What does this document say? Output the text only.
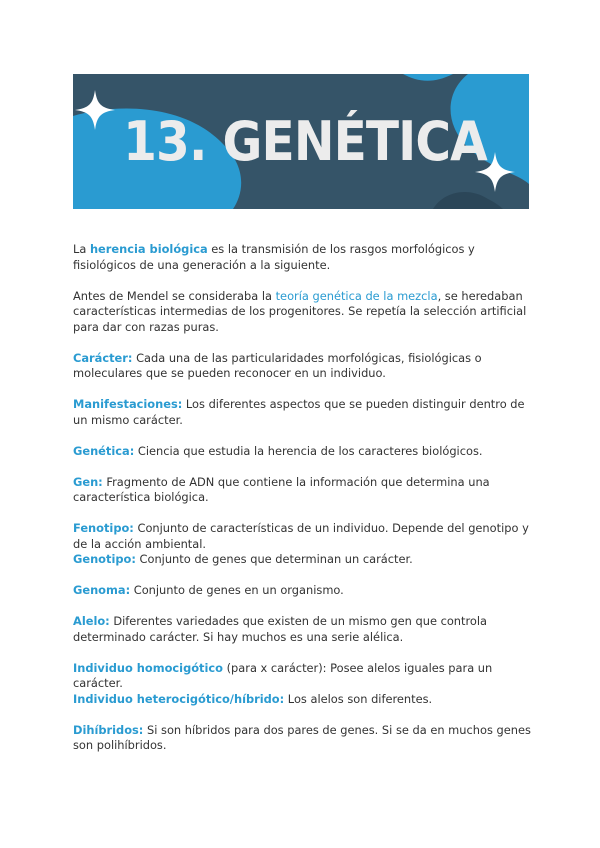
13. GENÉTICA

La herencia biológica es la transmisión de los rasgos morfológicos y fisiológicos de una generación a la siguiente.

Antes de Mendel se consideraba la teoría genética de la mezcla, se heredaban características intermedias de los progenitores. Se repetía la selección artificial para dar con razas puras.

Carácter: Cada una de las particularidades morfológicas, fisiológicas o moleculares que se pueden reconocer en un individuo.

Manifestaciones: Los diferentes aspectos que se pueden distinguir dentro de un mismo carácter.

Genética: Ciencia que estudia la herencia de los caracteres biológicos.

Gen: Fragmento de ADN que contiene la información que determina una característica biológica.

Fenotipo: Conjunto de características de un individuo. Depende del genotipo y de la acción ambiental.

Genotipo: Conjunto de genes que determinan un carácter.

Genoma: Conjunto de genes en un organismo.

Alelo: Diferentes variedades que existen de un mismo gen que controla determinado carácter. Si hay muchos es una serie alélica.

Individuo homocigótico (para x carácter): Posee alelos iguales para un carácter.

Individuo heterocigótico/híbrido: Los alelos son diferentes.

Dihíbridos: Si son híbridos para dos pares de genes. Si se da en muchos genes son polihíbridos.
